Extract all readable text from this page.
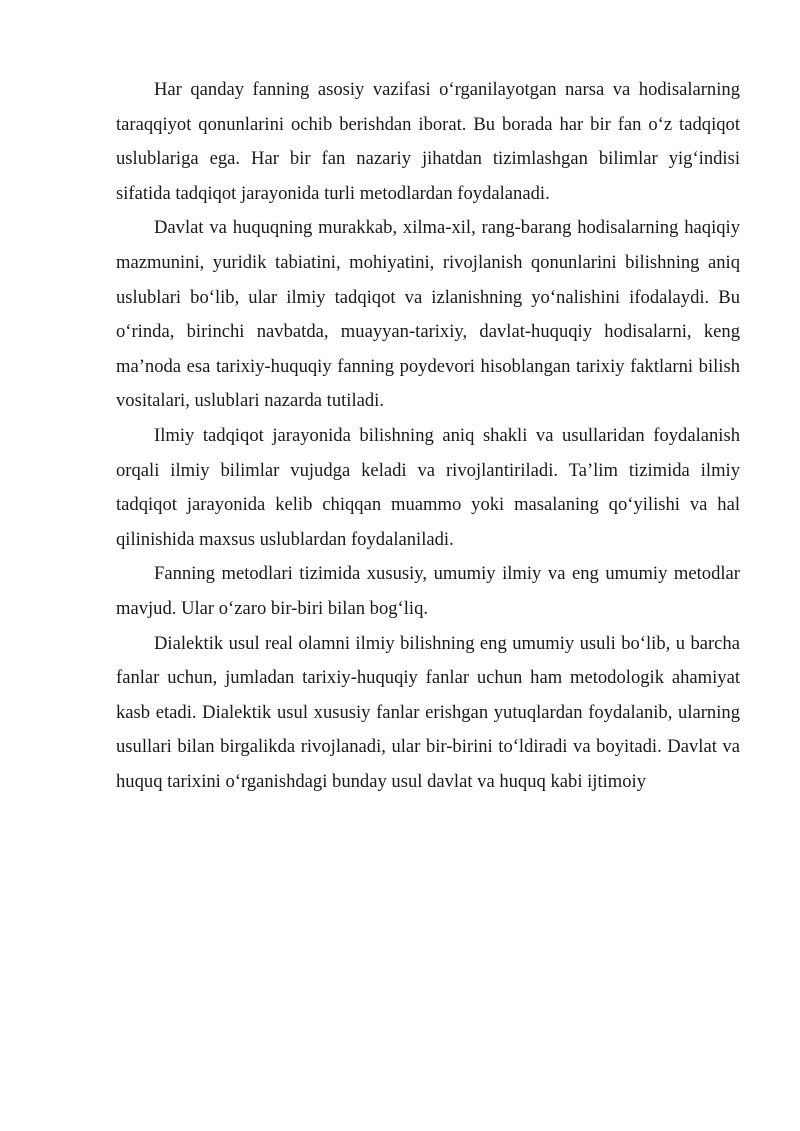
Har qanday fanning asosiy vazifasi o‘rganilayotgan narsa va hodisalarning taraqqiyot qonunlarini ochib berishdan iborat. Bu borada har bir fan o‘z tadqiqot uslublariga ega. Har bir fan nazariy jihatdan tizimlashgan bilimlar yig‘indisi sifatida tadqiqot jarayonida turli metodlardan foydalanadi.

Davlat va huquqning murakkab, xilma-xil, rang-barang hodisalarning haqiqiy mazmunini, yuridik tabiatini, mohiyatini, rivojlanish qonunlarini bilishning aniq uslublari bo‘lib, ular ilmiy tadqiqot va izlanishning yo‘nalishini ifodalaydi. Bu o‘rinda, birinchi navbatda, muayyan-tarixiy, davlat-huquqiy hodisalarni, keng ma’noda esa tarixiy-huquqiy fanning poydevori hisoblangan tarixiy faktlarni bilish vositalari, uslublari nazarda tutiladi.

Ilmiy tadqiqot jarayonida bilishning aniq shakli va usullaridan foydalanish orqali ilmiy bilimlar vujudga keladi va rivojlantiriladi. Ta’lim tizimida ilmiy tadqiqot jarayonida kelib chiqqan muammo yoki masalaning qo‘yilishi va hal qilinishida maxsus uslublardan foydalaniladi.

Fanning metodlari tizimida xususiy, umumiy ilmiy va eng umumiy metodlar mavjud. Ular o‘zaro bir-biri bilan bog‘liq.

Dialektik usul real olamni ilmiy bilishning eng umumiy usuli bo‘lib, u barcha fanlar uchun, jumladan tarixiy-huquqiy fanlar uchun ham metodologik ahamiyat kasb etadi. Dialektik usul xususiy fanlar erishgan yutuqlardan foydalanib, ularning usullari bilan birgalikda rivojlanadi, ular bir-birini to‘ldiradi va boyitadi. Davlat va huquq tarixini o‘rganishdagi bunday usul davlat va huquq kabi ijtimoiy
